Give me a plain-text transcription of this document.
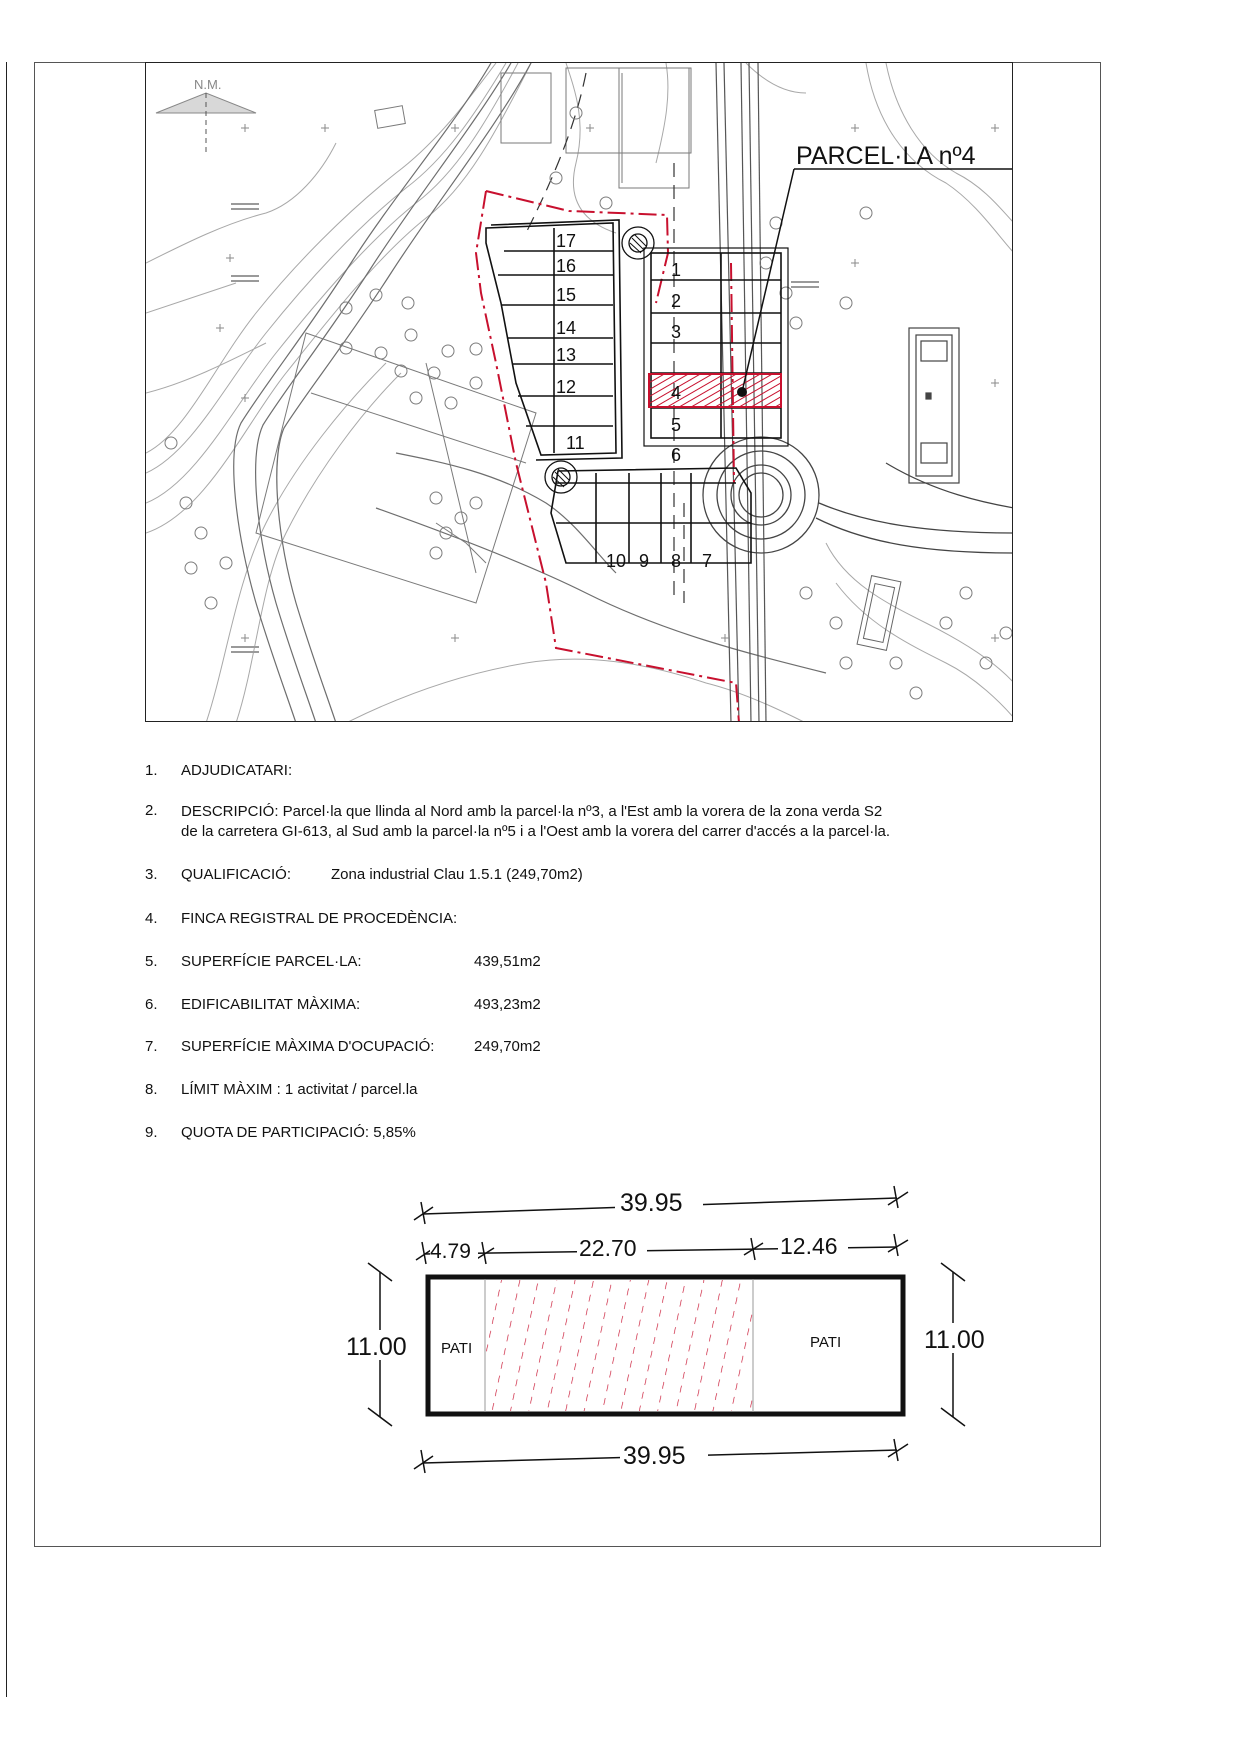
N.M.
PARCEL·LA nº4
17
16
15
14
13
12
11
1
2
3
4
5
6
10 9 8 7
1. ADJUDICATARI:
2. DESCRIPCIÓ: Parcel·la que llinda al Nord amb la parcel·la nº3, a l'Est amb la vorera de la zona verda S2
de la carretera GI-613, al Sud amb la parcel·la nº5 i a l'Oest amb la vorera del carrer d'accés a la parcel·la.
3. QUALIFICACIÓ:	Zona industrial Clau 1.5.1 (249,70m2)
4. FINCA REGISTRAL DE PROCEDÈNCIA:
5. SUPERFÍCIE PARCEL·LA:	439,51m2
6. EDIFICABILITAT MÀXIMA:	493,23m2
7. SUPERFÍCIE MÀXIMA D'OCUPACIÓ:	249,70m2
8. LÍMIT MÀXIM : 1 activitat / parcel.la
9. QUOTA DE PARTICIPACIÓ: 5,85%
PATI	PATI
39.95
4.79	22.70	12.46
11.00	11.00
39.95
